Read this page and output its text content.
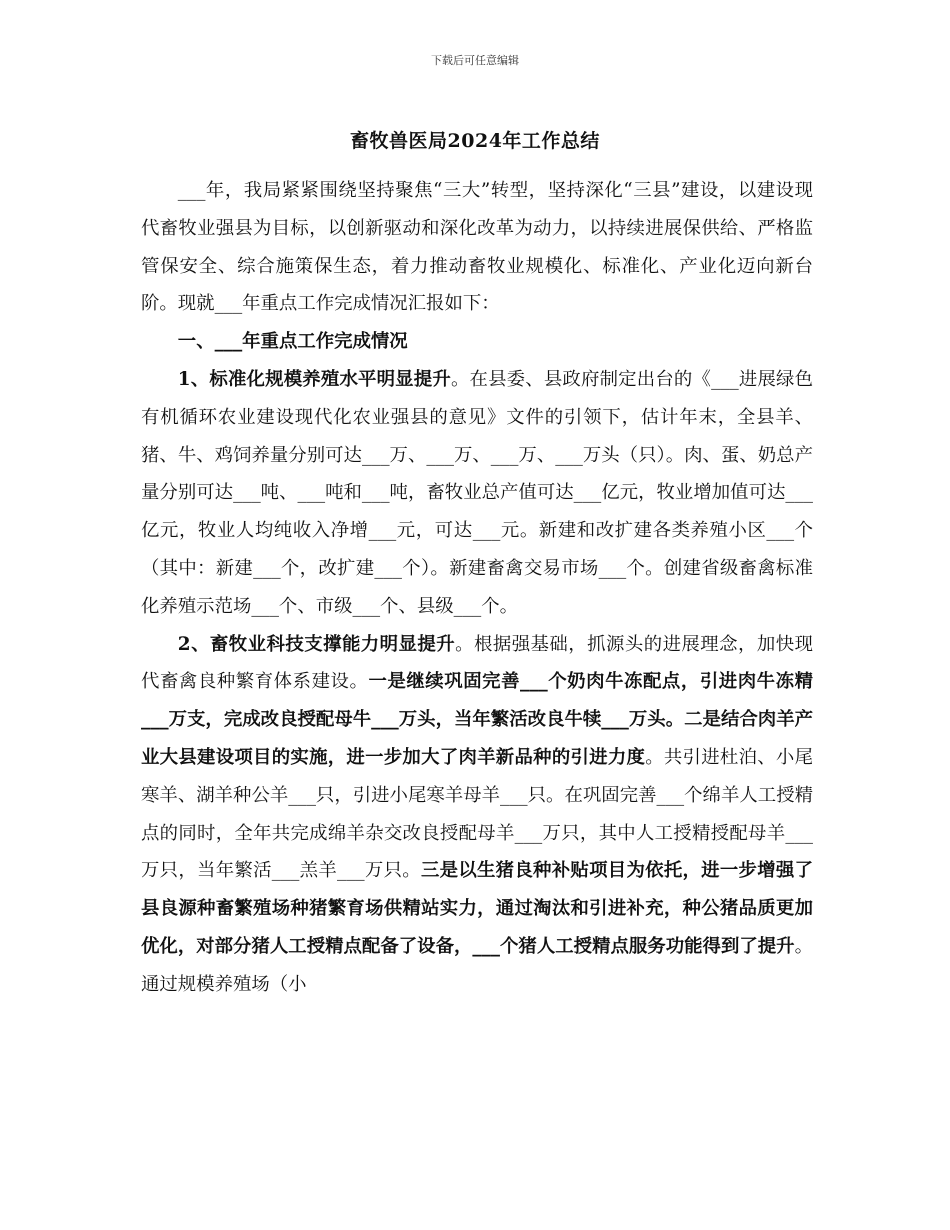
下载后可任意编辑
畜牧兽医局2024年工作总结

___年，我局紧紧围绕坚持聚焦“三大”转型，坚持深化“三县”建设，以建设现代畜牧业强县为目标，以创新驱动和深化改革为动力，以持续进展保供给、严格监管保安全、综合施策保生态，着力推动畜牧业规模化、标准化、产业化迈向新台阶。现就___年重点工作完成情况汇报如下：

一、___年重点工作完成情况

1、标准化规模养殖水平明显提升。在县委、县政府制定出台的《___进展绿色有机循环农业建设现代化农业强县的意见》文件的引领下，估计年末，全县羊、猪、牛、鸡饲养量分别可达___万、___万、___万、___万头（只）。肉、蛋、奶总产量分别可达___吨、___吨和___吨，畜牧业总产值可达___亿元，牧业增加值可达___亿元，牧业人均纯收入净增___元，可达___元。新建和改扩建各类养殖小区___个（其中：新建___个，改扩建___个）。新建畜禽交易市场___个。创建省级畜禽标准化养殖示范场___个、市级___个、县级___个。

2、畜牧业科技支撑能力明显提升。根据强基础，抓源头的进展理念，加快现代畜禽良种繁育体系建设。一是继续巩固完善___个奶肉牛冻配点，引进肉牛冻精___万支，完成改良授配母牛___万头，当年繁活改良牛犊___万头。二是结合肉羊产业大县建设项目的实施，进一步加大了肉羊新品种的引进力度。共引进杜泊、小尾寒羊、湖羊种公羊___只，引进小尾寒羊母羊___只。在巩固完善___个绵羊人工授精点的同时，全年共完成绵羊杂交改良授配母羊___万只，其中人工授精授配母羊___万只，当年繁活___羔羊___万只。三是以生猪良种补贴项目为依托，进一步增强了县良源种畜繁殖场种猪繁育场供精站实力，通过淘汰和引进补充，种公猪品质更加优化，对部分猪人工授精点配备了设备，___个猪人工授精点服务功能得到了提升。通过规模养殖场（小
